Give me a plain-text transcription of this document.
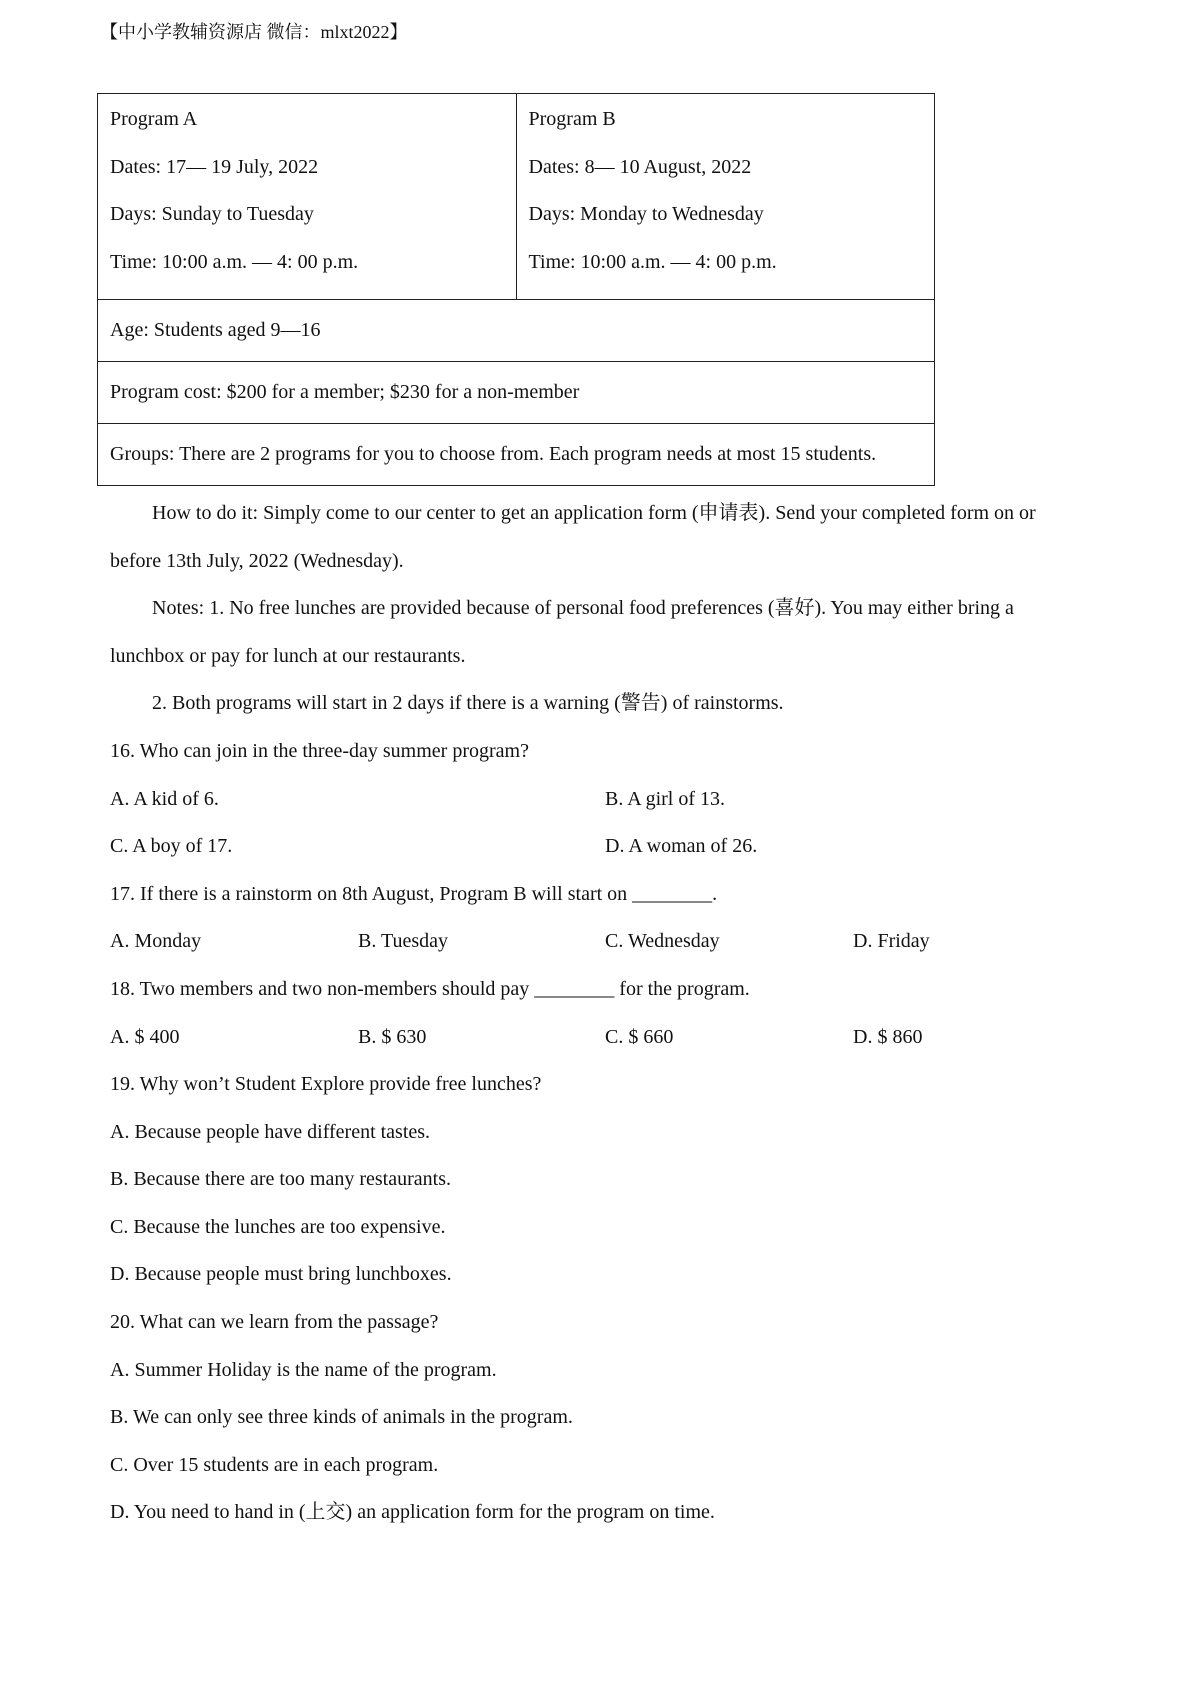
【中小学教辅资源店 微信：mlxt2022】
Program A
Dates: 17— 19 July, 2022
Days: Sunday to Tuesday
Time: 10:00 a.m. — 4: 00 p.m.

Program B
Dates: 8— 10 August, 2022
Days: Monday to Wednesday
Time: 10:00 a.m. — 4: 00 p.m.

Age: Students aged 9—16
Program cost: $200 for a member; $230 for a non-member
Groups: There are 2 programs for you to choose from. Each program needs at most 15 students.
How to do it: Simply come to our center to get an application form (申请表). Send your completed form on or
before 13th July, 2022 (Wednesday).
Notes: 1. No free lunches are provided because of personal food preferences (喜好). You may either bring a
lunchbox or pay for lunch at our restaurants.
2. Both programs will start in 2 days if there is a warning (警告) of rainstorms.
16. Who can join in the three-day summer program?
A. A kid of 6.	B. A girl of 13.
C. A boy of 17.	D. A woman of 26.
17. If there is a rainstorm on 8th August, Program B will start on ________.
A. Monday	B. Tuesday	C. Wednesday	D. Friday
18. Two members and two non-members should pay ________ for the program.
A. $ 400	B. $ 630	C. $ 660	D. $ 860
19. Why won’t Student Explore provide free lunches?
A. Because people have different tastes.
B. Because there are too many restaurants.
C. Because the lunches are too expensive.
D. Because people must bring lunchboxes.
20. What can we learn from the passage?
A. Summer Holiday is the name of the program.
B. We can only see three kinds of animals in the program.
C. Over 15 students are in each program.
D. You need to hand in (上交) an application form for the program on time.
